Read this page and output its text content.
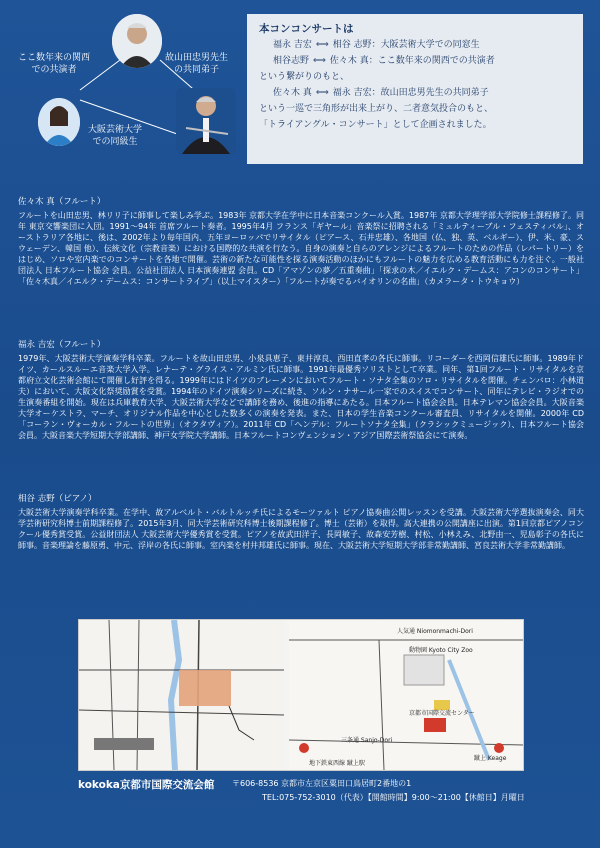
ここ数年来の関西
での共演者
故山田忠男先生
の共同弟子
大阪芸術大学
での同級生
本コンコンサートは
福永 吉宏 ⟺ 相谷 志野：大阪芸術大学での同窓生
相谷志野 ⟺ 佐々木 真：ここ数年来の関西での共演者
という繋がりのもと、
佐々木 真 ⟺ 福永 吉宏：故山田忠男先生の共同弟子
という一巡で三角形が出来上がり、二者意気投合のもと、
「トライアングル・コンサート」として企画されました。
佐々木 真（フルート）

フルートを山田忠男、林リリ子に師事して楽しみ学ぶ。1983年 京都大学在学中に日本音楽コンクール入賞。1987年 京都大学理学部大学院修士課程修了。同年 東京交響楽団に入団。1991～94年 首席フルート奏者。1995年4月 フランス「ギヤール」音楽祭に招聘される「ミュルティーブル・フェスティバル」、オーストラリア各地に、後は、2002年より毎年国内、五年ヨーロッパでリサイタル（ピアース、石井忠雄）、各地国（仏、独、英、ベルギー）、伊、米、豪、スウェーデン、韓国 他）、伝統文化（宗教音楽）における国際的な共演を行なう。自身の演奏と自らのアレンジによるフルートのための作品（レパートリー）をはじめ、ソロや室内楽でのコンサートを各地で開催。芸術の新たな可能性を探る演奏活動のほかにもフルートの魅力を広める教育活動にも力を注ぐ。一般社団法人 日本フルート協会 会員。公益社団法人 日本演奏連盟 会員。CD「アマゾンの夢／五重奏曲」「探求の木／イエルク・デームス：アコンのコンサート」「佐々木真／イエルク・デームス：コンサートライブ」（以上マイスター）「フルートが奏でるバイオリンの名曲」（カメラータ・トウキョウ）

福永 吉宏（フルート）

1979年、大阪芸術大学演奏学科卒業。フルートを故山田忠男、小泉具恵子、東井淳良、西田直孝の各氏に師事。リコーダーを西岡信雄氏に師事。1989年ドイツ、カールスルーエ音楽大学入学。レナーテ・グライス・アルミン氏に師事。1991年最優秀ソリストとして卒業。同年、第1回フルート・リサイタルを京都府立文化芸術会館にて開催し好評を得る。1999年にはドイツのブレーメンにおいてフルート・ソナタ全集のソロ・リサイタルを開催。チェンバロ：小林道夫）において、大阪文化祭奨励賞を受賞。1994年のドイツ演奏シリーズに続き、ソルン・ナサール一家でのスイスでコンサート、同年にテレビ・ラジオでの生演奏番組を開始。現在は兵庫教育大学、大阪芸術大学などで講師を務め、後進の指導にあたる。日本フルート協会会員。日本テレマン協会会員。大阪音楽大学オーケストラ、マーチ、オリジナル作品を中心とした数多くの演奏を発表。また、日本の学生音楽コンクール審査員、リサイタルを開催。2000年 CD「コーラン・ヴォーカル・フルートの世界」（オクタヴィア）。2011年 CD「ヘンデル：フルートソナタ全集」（クラシックミュージック）、日本フルート協会 会員。大阪音楽大学短期大学部講師、神戸女学院大学講師。日本フルートコンヴェンション・アジア国際芸術祭協会にて演奏。

相谷 志野（ピアノ）

大阪芸術大学演奏学科卒業。在学中、故アルベルト・バルトルッチ氏によるモーツァルト ピアノ協奏曲公開レッスンを受講。大阪芸術大学選抜演奏会、同大学芸術研究科博士前期課程修了。2015年3月、同大学芸術研究科博士後期課程修了。博士（芸術）を取得。高大連携の公開講座に出演。第1回京都ピアノコンクール優秀賞受賞。公益財団法人 大阪芸術大学優秀賞を受賞。ピアノを故武田洋子、長岡敏子、故森安芳樹、村松、小林えみ、北野由一、児島彰子の各氏に師事。音楽理論を藤原勇、中元、浮岸の各氏に師事。室内楽を村井邦雄氏に師事。現在、大阪芸術大学短期大学部非常勤講師、宮良芸術大学非常勤講師。

人気通 Niomonmachi-Dori
三条通 Sanjo-Dori
動物園 Kyoto City Zoo
京都市国際交流センター
蹴上 Keage
地下鉄東西線 蹴上駅
kokoka京都市国際交流会館 〒606-8536 京都市左京区粟田口鳥居町2番地の1
TEL:075-752-3010（代表）【開館時間】9:00～21:00【休館日】月曜日
